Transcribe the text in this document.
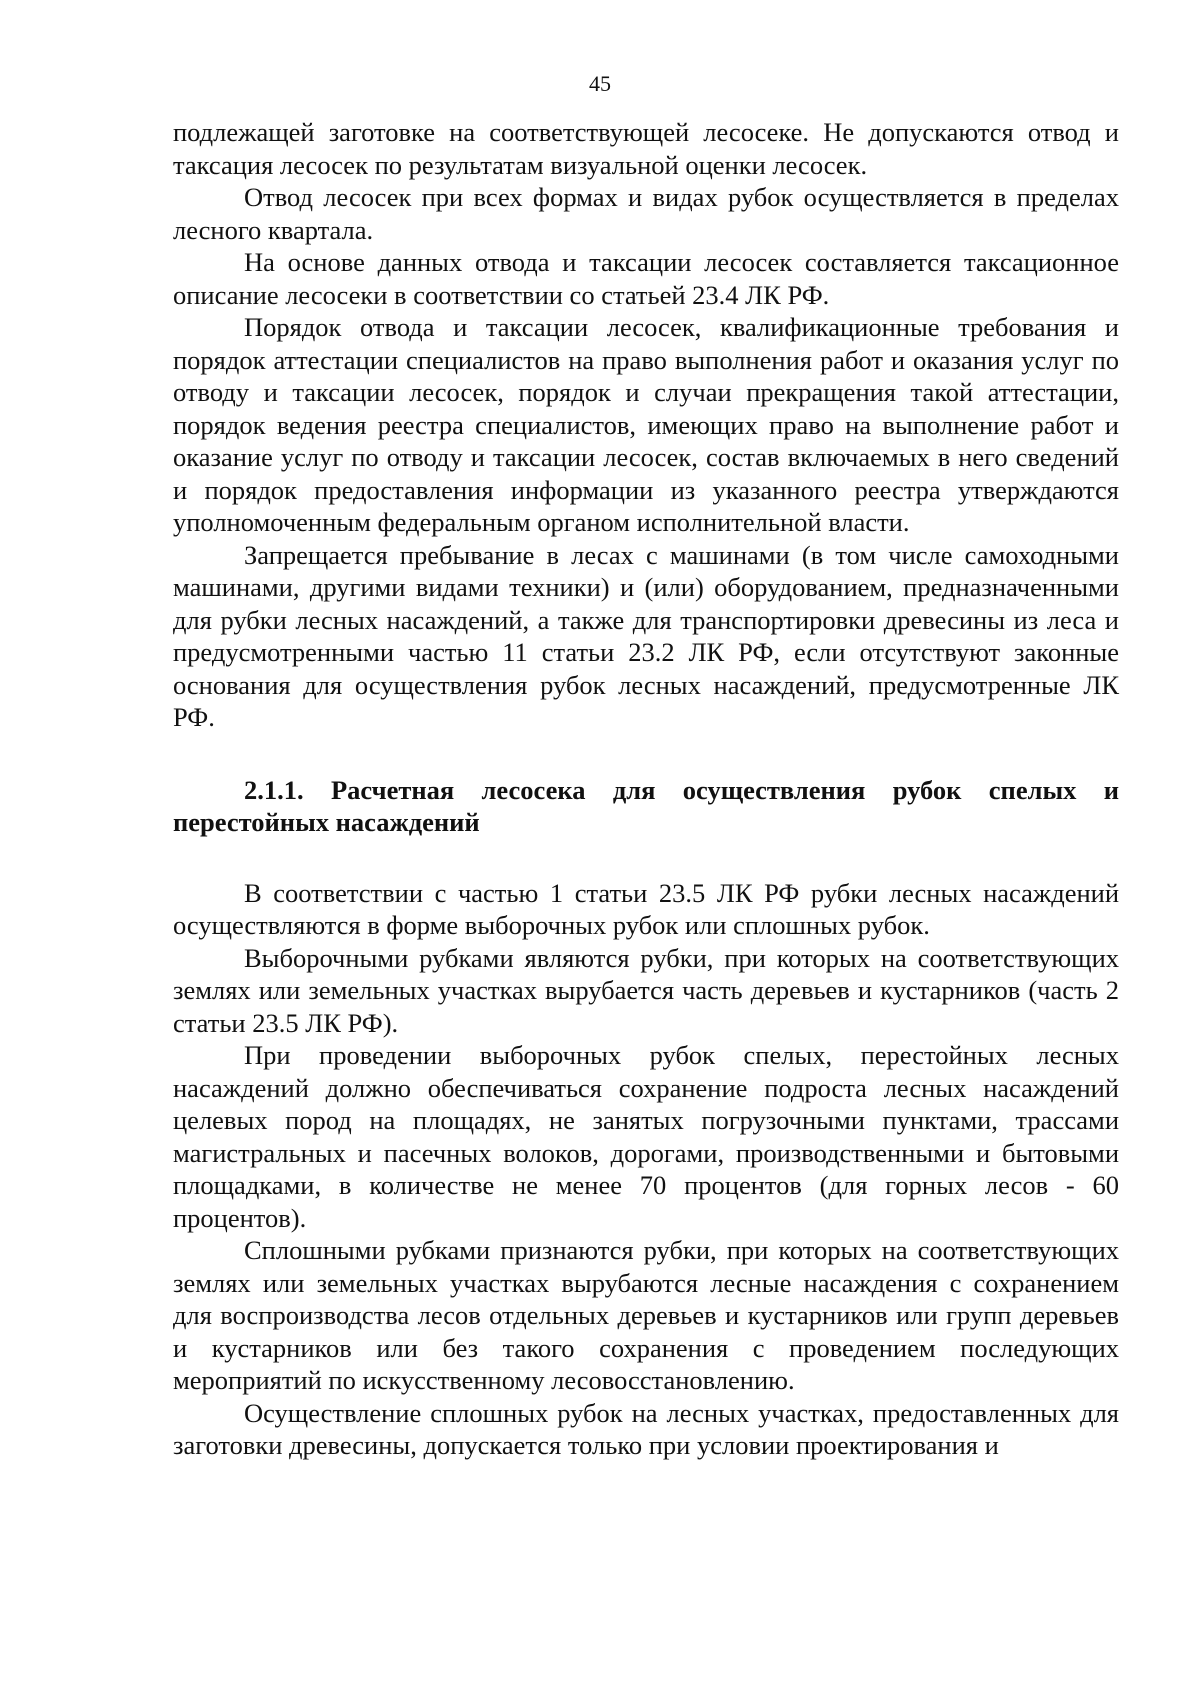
45

подлежащей заготовке на соответствующей лесосеке. Не допускаются отвод и таксация лесосек по результатам визуальной оценки лесосек.

Отвод лесосек при всех формах и видах рубок осуществляется в пределах лесного квартала.

На основе данных отвода и таксации лесосек составляется таксационное описание лесосеки в соответствии со статьей 23.4 ЛК РФ.

Порядок отвода и таксации лесосек, квалификационные требования и порядок аттестации специалистов на право выполнения работ и оказания услуг по отводу и таксации лесосек, порядок и случаи прекращения такой аттестации, порядок ведения реестра специалистов, имеющих право на выполнение работ и оказание услуг по отводу и таксации лесосек, состав включаемых в него сведений и порядок предоставления информации из указанного реестра утверждаются уполномоченным федеральным органом исполнительной власти.

Запрещается пребывание в лесах с машинами (в том числе самоходными машинами, другими видами техники) и (или) оборудованием, предназначенными для рубки лесных насаждений, а также для транспортировки древесины из леса и предусмотренными частью 11 статьи 23.2 ЛК РФ, если отсутствуют законные основания для осуществления рубок лесных насаждений, предусмотренные ЛК РФ.

2.1.1. Расчетная лесосека для осуществления рубок спелых и перестойных насаждений

В соответствии с частью 1 статьи 23.5 ЛК РФ рубки лесных насаждений осуществляются в форме выборочных рубок или сплошных рубок.

Выборочными рубками являются рубки, при которых на соответствующих землях или земельных участках вырубается часть деревьев и кустарников (часть 2 статьи 23.5 ЛК РФ).

При проведении выборочных рубок спелых, перестойных лесных насаждений должно обеспечиваться сохранение подроста лесных насаждений целевых пород на площадях, не занятых погрузочными пунктами, трассами магистральных и пасечных волоков, дорогами, производственными и бытовыми площадками, в количестве не менее 70 процентов (для горных лесов - 60 процентов).

Сплошными рубками признаются рубки, при которых на соответствующих землях или земельных участках вырубаются лесные насаждения с сохранением для воспроизводства лесов отдельных деревьев и кустарников или групп деревьев и кустарников или без такого сохранения с проведением последующих мероприятий по искусственному лесовосстановлению.

Осуществление сплошных рубок на лесных участках, предоставленных для заготовки древесины, допускается только при условии проектирования и
